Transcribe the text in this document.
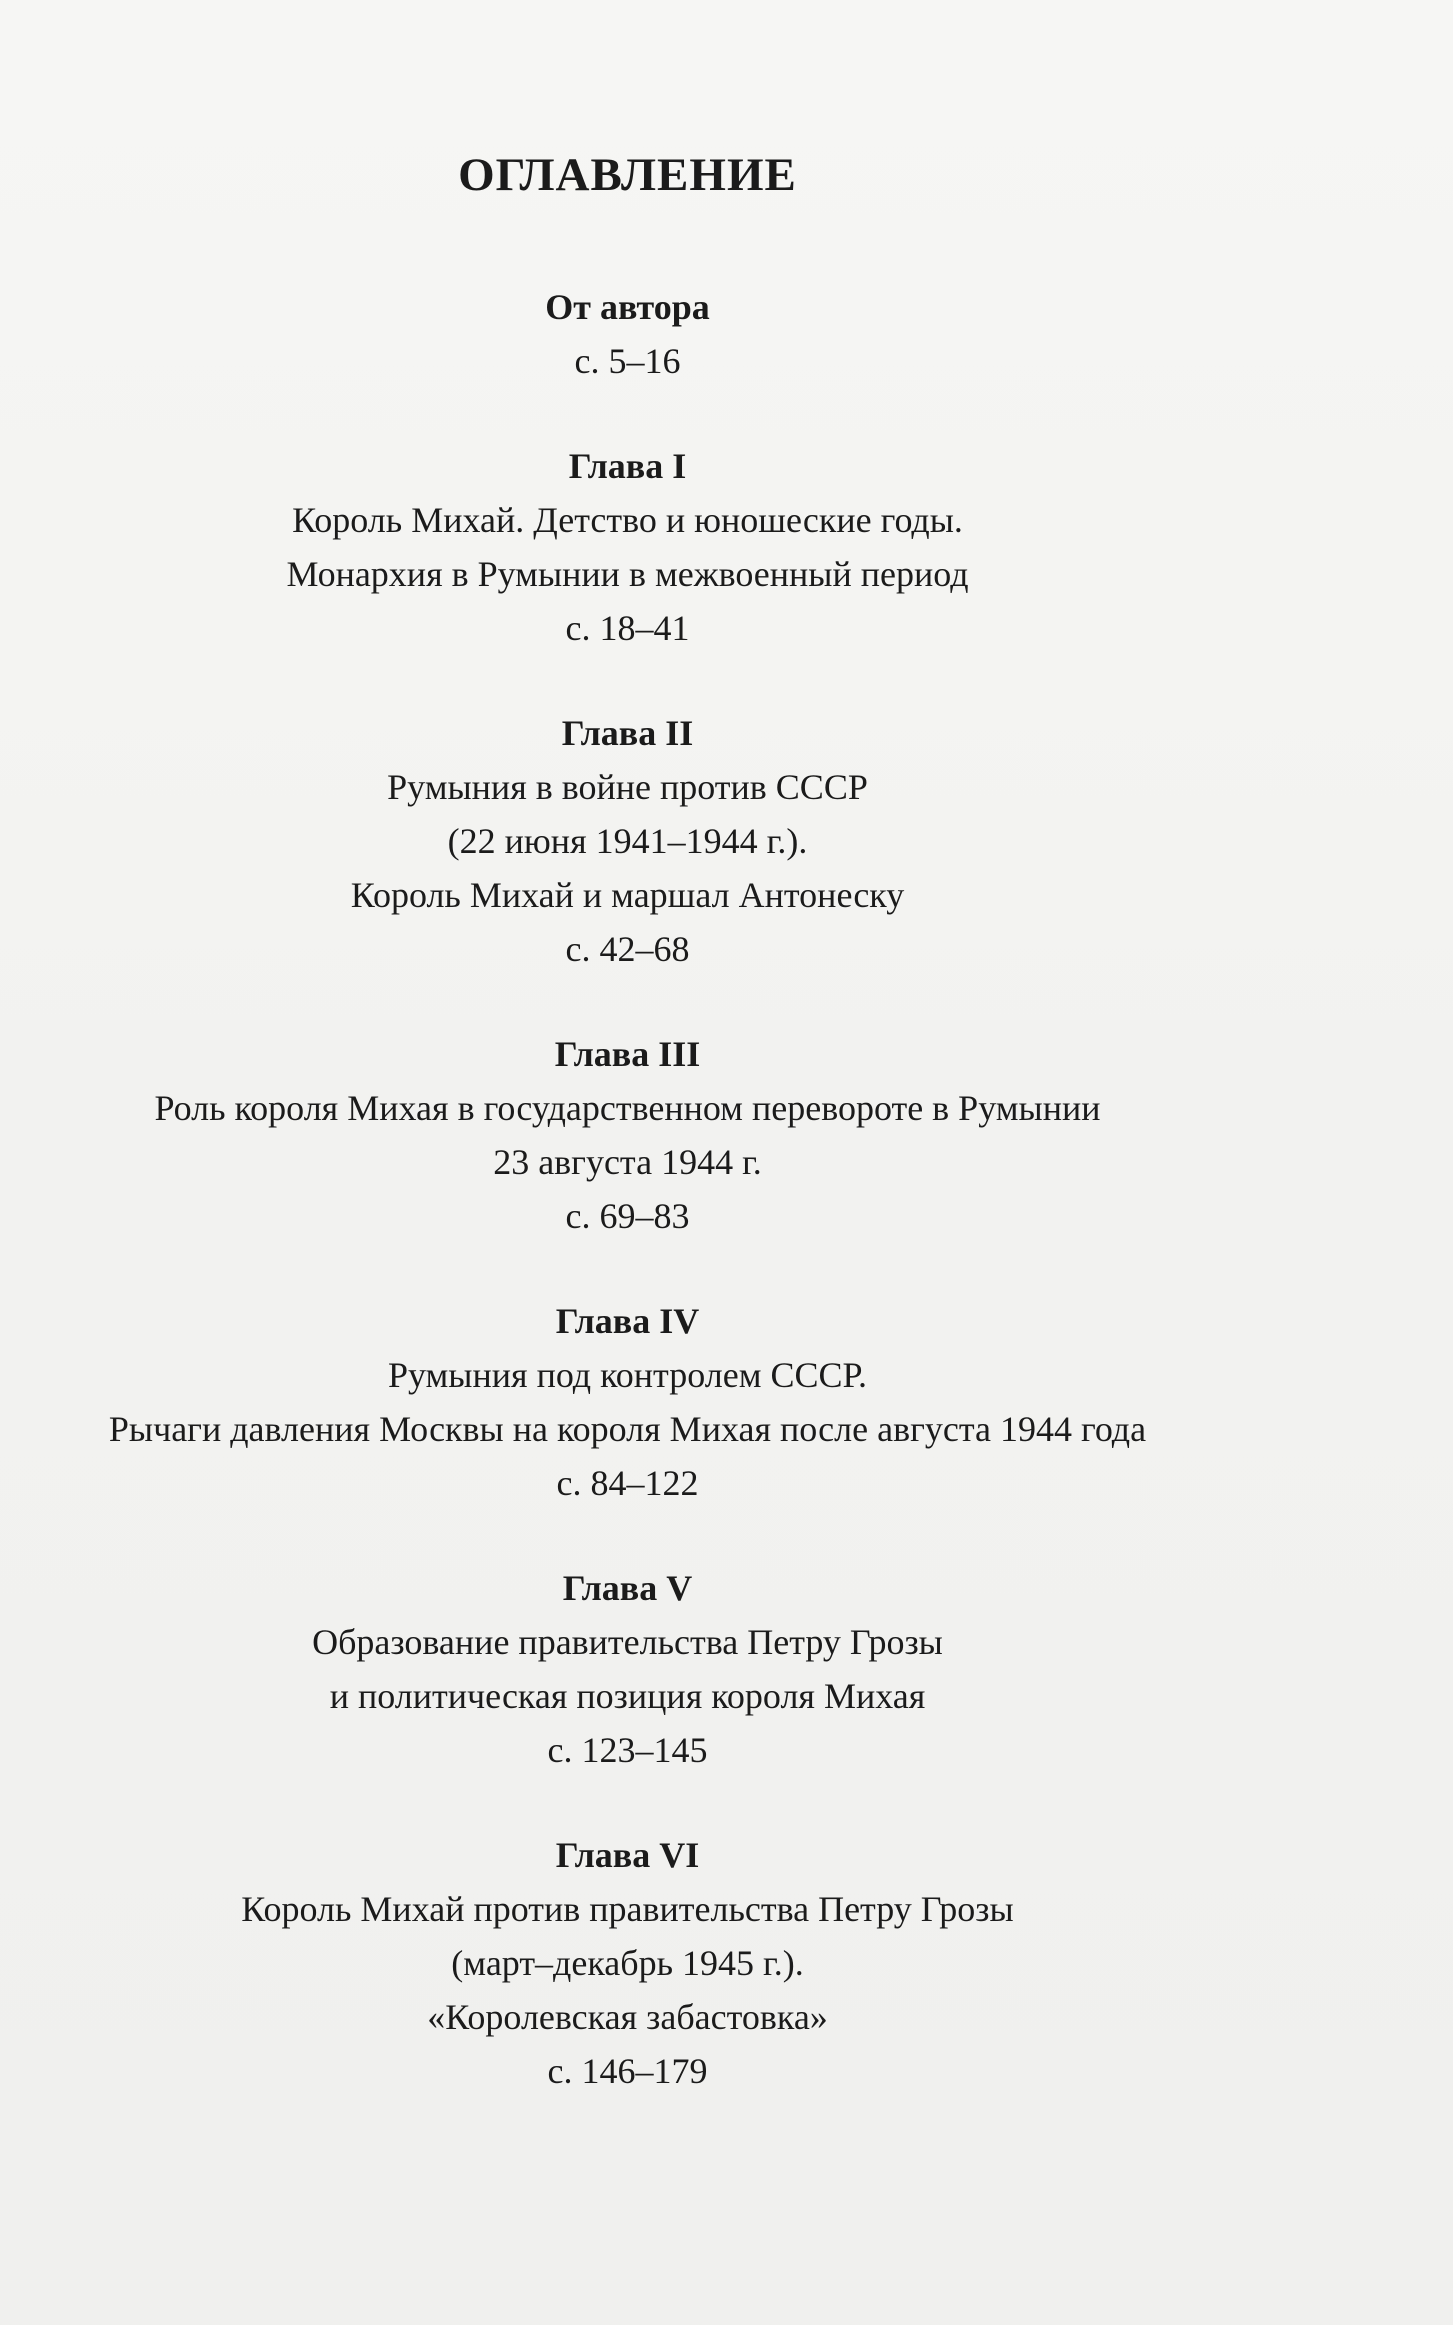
ОГЛАВЛЕНИЕ
От автора
с. 5–16
Глава I
Король Михай. Детство и юношеские годы.
Монархия в Румынии в межвоенный период
с. 18–41
Глава II
Румыния в войне против СССР
(22 июня 1941–1944 г.).
Король Михай и маршал Антонеску
с. 42–68
Глава III
Роль короля Михая в государственном перевороте в Румынии
23 августа 1944 г.
с. 69–83
Глава IV
Румыния под контролем СССР.
Рычаги давления Москвы на короля Михая после августа 1944 года
с. 84–122
Глава V
Образование правительства Петру Грозы
и политическая позиция короля Михая
с. 123–145
Глава VI
Король Михай против правительства Петру Грозы
(март–декабрь 1945 г.).
«Королевская забастовка»
с. 146–179
